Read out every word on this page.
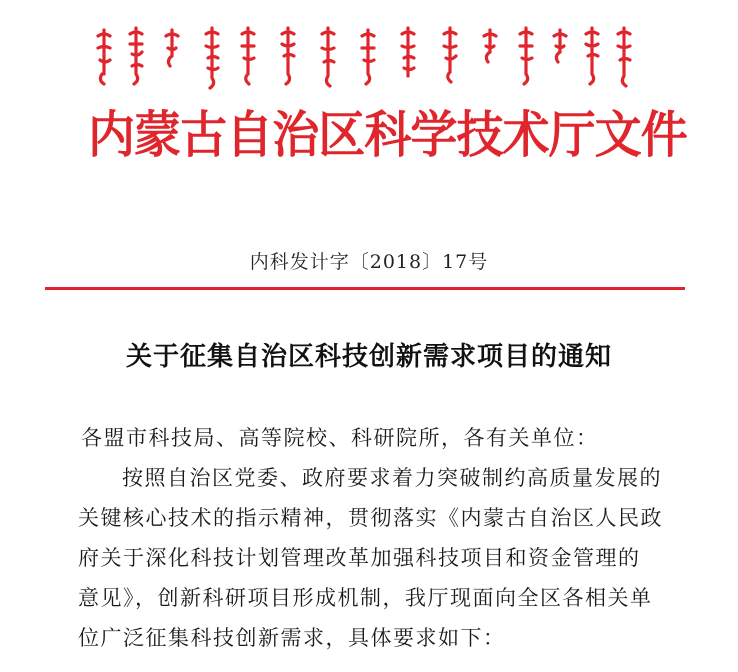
内蒙古自治区科学技术厅文件
内科发计字〔2018〕17号
关于征集自治区科技创新需求项目的通知

各盟市科技局、高等院校、科研院所，各有关单位：

按照自治区党委、政府要求着力突破制约高质量发展的

关键核心技术的指示精神，贯彻落实《内蒙古自治区人民政

府关于深化科技计划管理改革加强科技项目和资金管理的

意见》，创新科研项目形成机制，我厅现面向全区各相关单

位广泛征集科技创新需求，具体要求如下：
